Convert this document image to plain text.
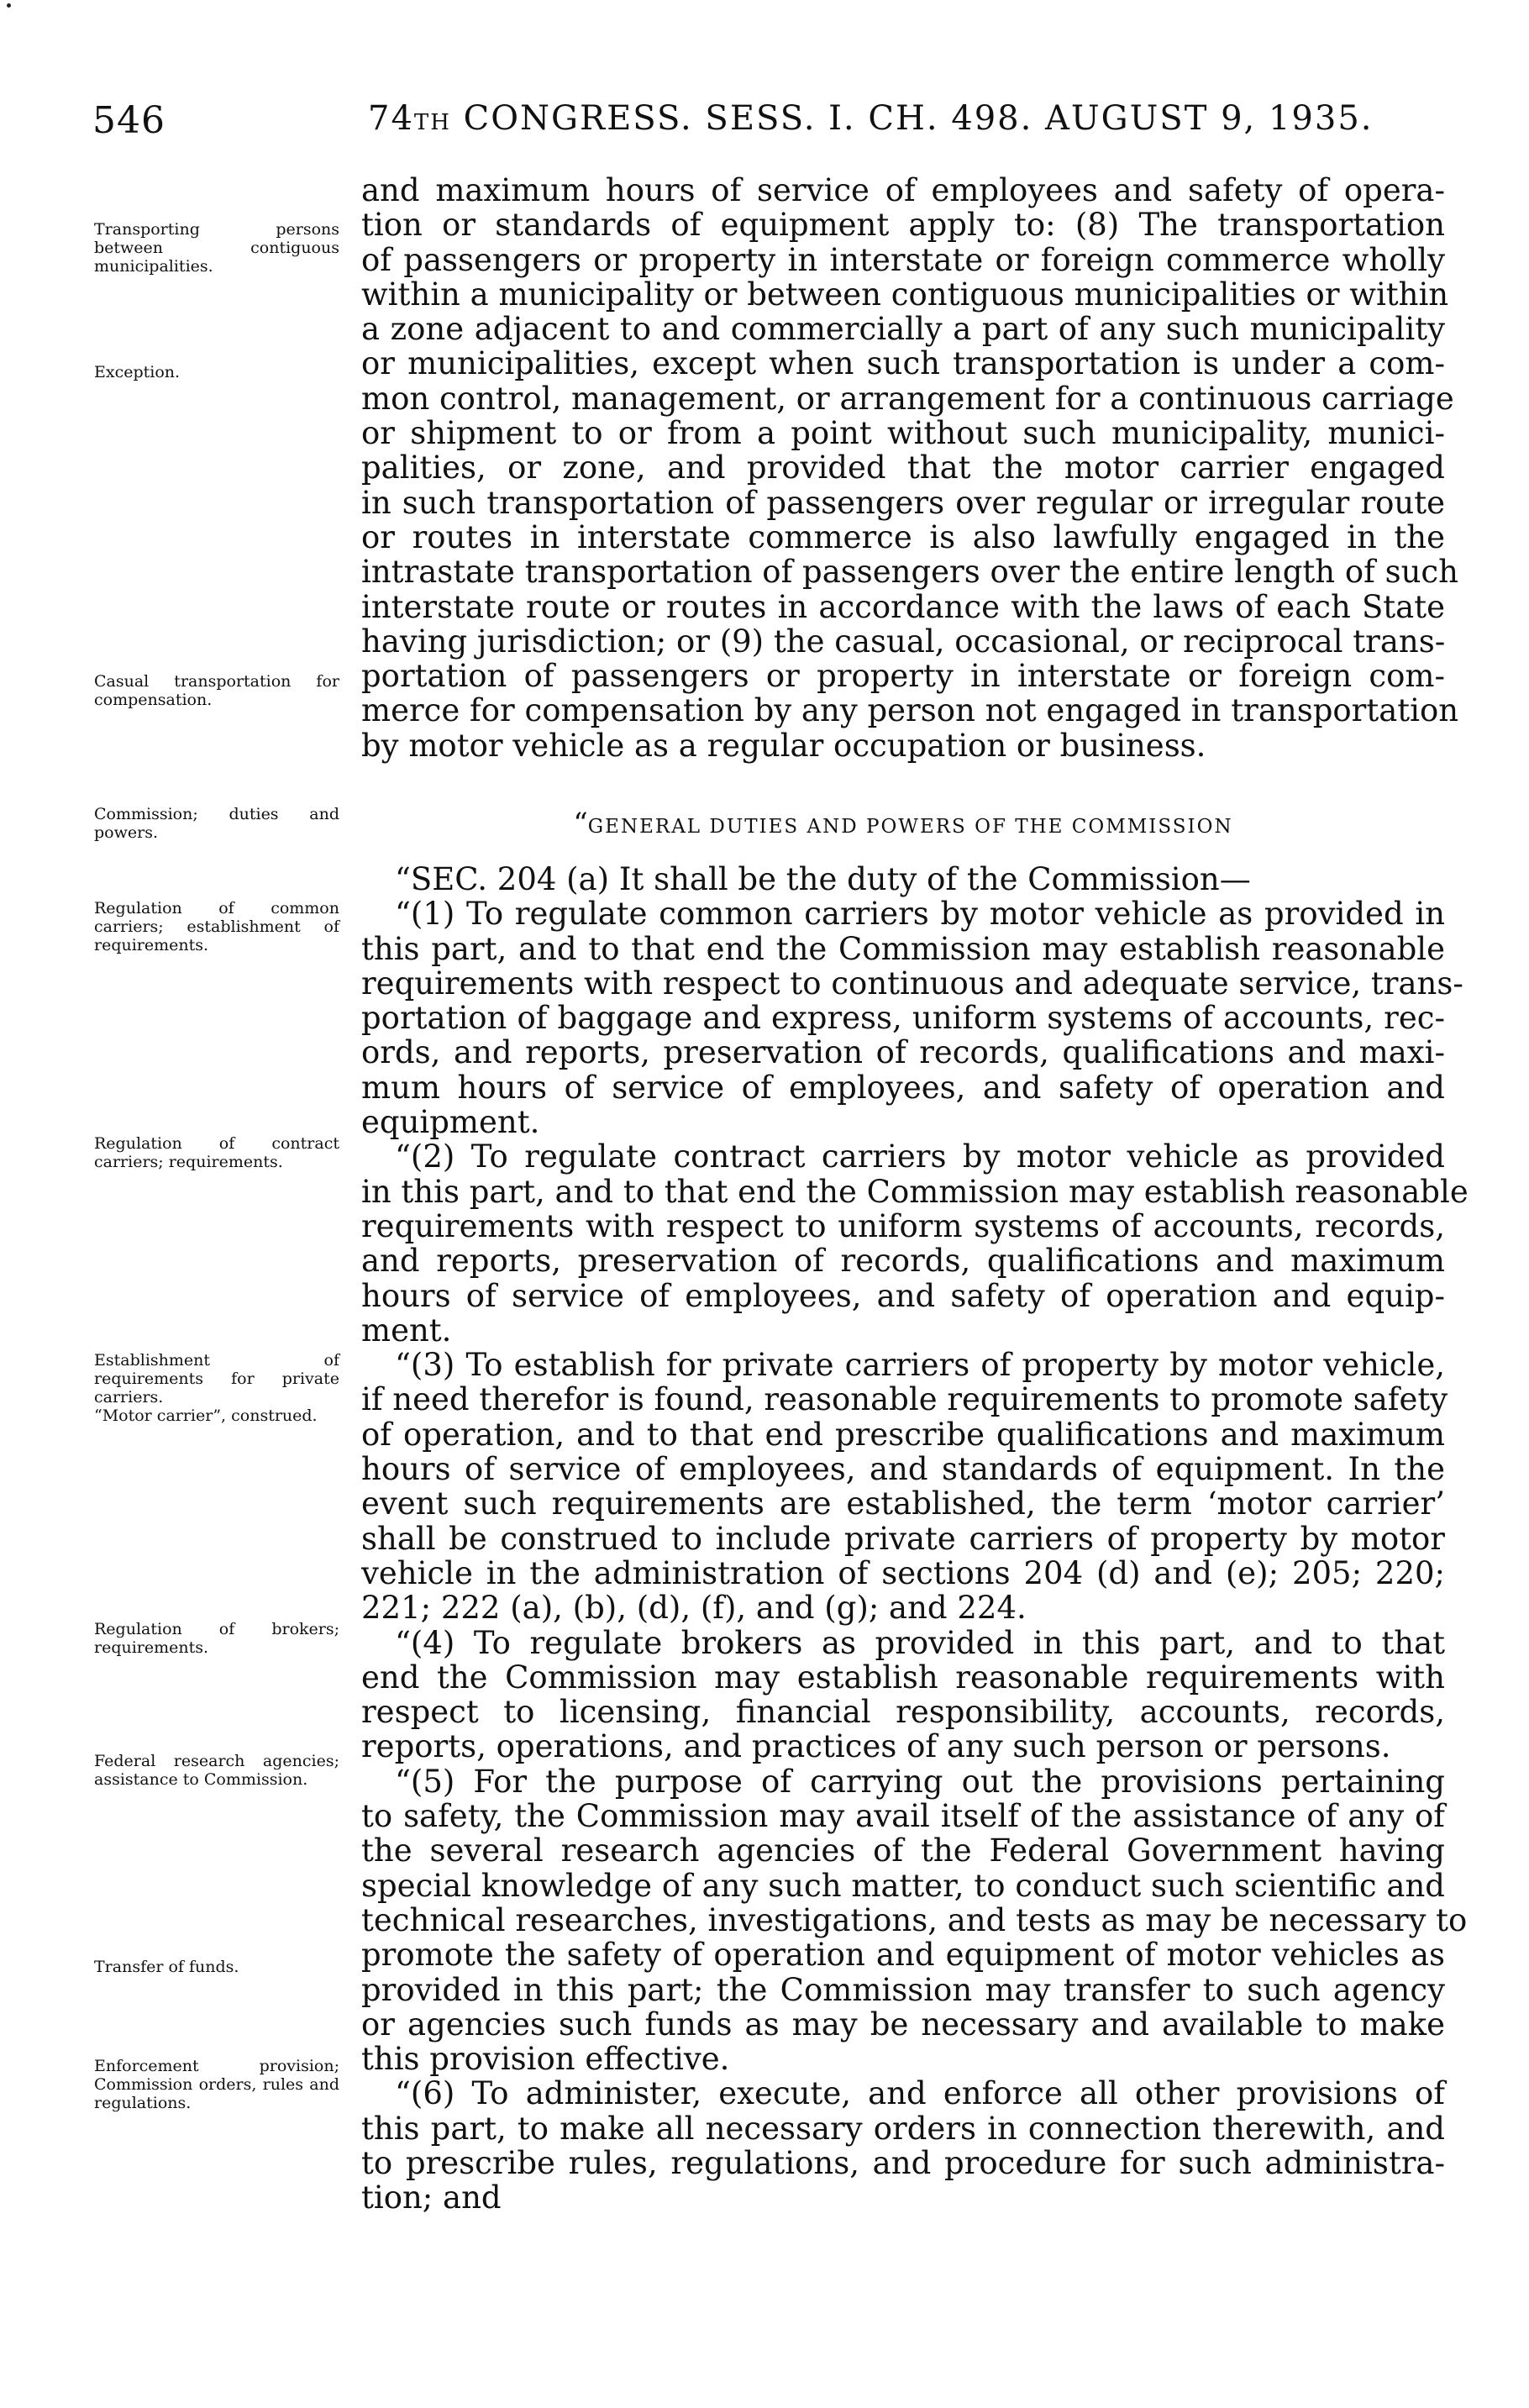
546	74TH CONGRESS. SESS. I. CH. 498. AUGUST 9, 1935.
Transporting persons between contiguous municipalities.
Exception.
Casual transportation for compensation.
Commission; duties and powers.
Regulation of common carriers; establishment of requirements.
Regulation of contract carriers; requirements.
Establishment of requirements for private carriers.
“Motor carrier”, construed.
Regulation of brokers; requirements.
Federal research agencies; assistance to Commission.
Transfer of funds.
Enforcement provision; Commission orders, rules and regulations.
and maximum hours of service of employees and safety of opera-
tion or standards of equipment apply to: (8) The transportation
of passengers or property in interstate or foreign commerce wholly
within a municipality or between contiguous municipalities or within
a zone adjacent to and commercially a part of any such municipality
or municipalities, except when such transportation is under a com-
mon control, management, or arrangement for a continuous carriage
or shipment to or from a point without such municipality, munici-
palities, or zone, and provided that the motor carrier engaged
in such transportation of passengers over regular or irregular route
or routes in interstate commerce is also lawfully engaged in the
intrastate transportation of passengers over the entire length of such
interstate route or routes in accordance with the laws of each State
having jurisdiction; or (9) the casual, occasional, or reciprocal trans-
portation of passengers or property in interstate or foreign com-
merce for compensation by any person not engaged in transportation
by motor vehicle as a regular occupation or business.
“GENERAL DUTIES AND POWERS OF THE COMMISSION
“SEC. 204 (a) It shall be the duty of the Commission—
“(1) To regulate common carriers by motor vehicle as provided in
this part, and to that end the Commission may establish reasonable
requirements with respect to continuous and adequate service, trans-
portation of baggage and express, uniform systems of accounts, rec-
ords, and reports, preservation of records, qualifications and maxi-
mum hours of service of employees, and safety of operation and
equipment.
“(2) To regulate contract carriers by motor vehicle as provided
in this part, and to that end the Commission may establish reasonable
requirements with respect to uniform systems of accounts, records,
and reports, preservation of records, qualifications and maximum
hours of service of employees, and safety of operation and equip-
ment.
“(3) To establish for private carriers of property by motor vehicle,
if need therefor is found, reasonable requirements to promote safety
of operation, and to that end prescribe qualifications and maximum
hours of service of employees, and standards of equipment. In the
event such requirements are established, the term ‘motor carrier’
shall be construed to include private carriers of property by motor
vehicle in the administration of sections 204 (d) and (e); 205; 220;
221; 222 (a), (b), (d), (f), and (g); and 224.
“(4) To regulate brokers as provided in this part, and to that
end the Commission may establish reasonable requirements with
respect to licensing, financial responsibility, accounts, records,
reports, operations, and practices of any such person or persons.
“(5) For the purpose of carrying out the provisions pertaining
to safety, the Commission may avail itself of the assistance of any of
the several research agencies of the Federal Government having
special knowledge of any such matter, to conduct such scientific and
technical researches, investigations, and tests as may be necessary to
promote the safety of operation and equipment of motor vehicles as
provided in this part; the Commission may transfer to such agency
or agencies such funds as may be necessary and available to make
this provision effective.
“(6) To administer, execute, and enforce all other provisions of
this part, to make all necessary orders in connection therewith, and
to prescribe rules, regulations, and procedure for such administra-
tion; and
